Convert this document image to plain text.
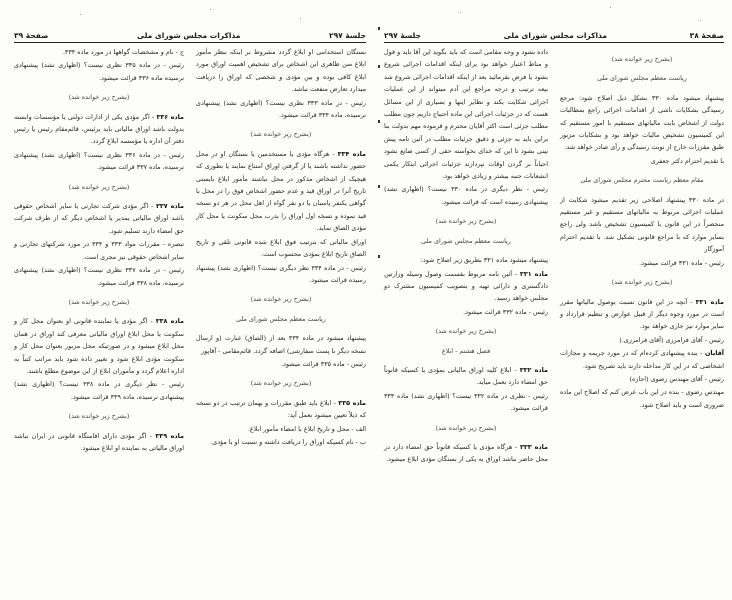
جلسهٔ ۲۹۷
مذاکرات مجلس شورای ملی
صفحهٔ ۳۹

بستگان استخدامی او ابلاغ گردد مشروط بر اینکه بنظر مأمور ابلاغ سن ظاهری این اشخاص برای تشخیص اهمیت اوراق مورد ابلاغ کافی بوده و بین مؤدی و شخصی که اوراق را دریافت میدارد تعارض منفعت نباشد.

رئیس - در ماده ۳۳۳ نظری نیست؟ (اظهاری نشد) پیشنهادی نرسیده، ماده ۳۳۴ قرائت میشود.

(بشرح زیر خوانده شد)

ماده ۳۳۴ - هرگاه مؤدی یا مستخدمین یا بستگان او در محل حضور نداشته باشند یا از گرفتن اوراق امتناع نمایند یا بطوری که هیچیک از اشخاص مذکور در محل نباشند مأمور ابلاغ بایستی تاریخ آنرا در اوراق قید و عدم حضور اشخاص فوق را در محل با گواهی یکنفر پاسبان یا دو نفر گواه از اهل محل در هر دو نسخه قید نموده و نسخه اول اوراق را بدرب محل سکونت یا محل کار مؤدی الصاق نماید.

اوراق مالیاتی که بترتیب فوق ابلاغ شده قانونی تلقی و تاریخ الصاق تاریخ ابلاغ بمؤدی محسوب است.

رئیس - در ماده ۳۳۴ نظر دیگری نیست؟ (اظهاری نشد) پیشنهاد رسیده قرائت میشود.

(بشرح زیر خوانده شد)

ریاست معظم مجلس شورای ملی

پیشنهاد میشود در ماده ۳۳۴ بعد از (الصاق) عبارت (و ارسال نسخه دیگر با پست سفارشی) اضافه گردد. قائم‌مقامی - آقاپور

رئیس - ماده ۳۳۵ قرائت میشود.

(بشرح زیر خوانده شد)

ماده ۳۳۵ - ابلاغ باید طبق مقررات و بهمان ترتیب در دو نسخه که ذیلاً تعیین میشود بعمل آید:

الف - محل و تاریخ ابلاغ با امضاء مأمور ابلاغ.

ب - نام کسیکه اوراق را دریافت داشته و نسبت او با مؤدی.

ج - نام و مشخصات گواهها در مورد ماده ۳۳۴.

رئیس - در ماده ۳۳۵ نظری نیست؟ (اظهاری نشد) پیشنهادی نرسیده ماده ۳۳۶ قرائت میشود.

(بشرح زیر خوانده شد)

ماده ۳۳۶ - اگر مؤدی یکی از ادارات دولتی یا مؤسسات وابسته بدولت باشد اوراق مالیاتی باید برئیس، قائم‌مقام رئیس یا رئیس دفتر آن اداره یا مؤسسه ابلاغ گردد.

رئیس - در ماده ۳۳۶ نظری نیست؟ (اظهاری نشد) پیشنهادی نرسیده، ماده ۳۳۷ قرائت میشود.

(بشرح زیر خوانده شد)

ماده ۳۳۷ - اگر مؤدی شرکت تجارتی یا سایر اشخاص حقوقی باشد اوراق مالیاتی بمدیر یا اشخاص دیگر که از طرف شرکت حق امضاء دارند تسلیم شود.

تبصره - مقررات مواد ۳۳۳ و ۳۳۴ در مورد شرکتهای تجارتی و سایر اشخاص حقوقی نیز مجری است.

رئیس - در ماده ۳۳۷ نظری نیست؟ (اظهاری نشد) پیشنهادی نرسیده، ماده ۳۳۸ قرائت میشود.

(بشرح زیر خوانده شد)

ماده ۳۳۸ - اگر مؤدی یا نماینده قانونی او بعنوان محل کار و سکونت یا محل ابلاغ اوراق مالیاتی معرفی کند اوراق در همان محل ابلاغ میشود و در صورتیکه محل مزبور بعنوان محل کار و سکونت مؤدی ابلاغ شود و تغییر داده شود باید مراتب کتباً به اداره اعلام گردد و مأموران ابلاغ از این موضوع مطلع باشند.

رئیس - نظر دیگری در ماده ۳۳۸ نیست؟ (اظهاری نشد) پیشنهادی نرسیده، ماده ۳۳۹ قرائت میشود.

(بشرح زیر خوانده شد)

ماده ۳۳۹ - اگر مؤدی دارای اقامتگاه قانونی در ایران نباشد اوراق مالیاتی به نماینده او ابلاغ میشود.

صفحهٔ ۳۸
مذاکرات مجلس شورای ملی
جلسهٔ ۲۹۷

(بشرح زیر خوانده شد)

ریاست معظم مجلس شورای ملی

پیشنهاد میشود ماده ۳۳۰ بشکل ذیل اصلاح شود: مرجع رسیدگی بشکایات ناشی از اقدامات اجرائی راجع بمطالبات دولت از اشخاص بابت مالیاتهای مستقیم با امور مستقیم که این کمیسیون تشخیص مالیات خواهد بود و بشکایات مزبور طبق مقررات خارج از نوبت رسیدگی و رأی صادر خواهد شد.

با تقدیم احترام دکتر جعفری

مقام معظم ریاست محترم مجلس شورای ملی

در ماده ۳۳۰ پیشنهاد اصلاحی زیر تقدیم میشود شکایت از عملیات اجرائی مربوط به مالیاتهای مستقیم و غیر مستقیم منحصراً در این قانون با کمیسیون تشخیص باشد ولی راجع بسایر موارد که با مراجع قانونی تشکیل شد. با تقدیم احترام آموزگار

رئیس - ماده ۳۳۱ قرائت میشود.

(بشرح زیر خوانده شد)

ماده ۳۳۱ - آنچه در این قانون نسبت بوصول مالیاتها مقرر است در مورد وجوه دیگر از قبیل عوارض و تنظیم قرارداد و سایر موارد نیز جاری خواهد بود.

رئیس - آقای فرامرزی (آقای فرامرزی.)

آقایان - بنده پیشنهادی کرده‌ام که در مورد جریمه و مجازات اشخاصی که در این کار مداخله دارند باید تصریح شود.

رئیس - آقای مهندس رضوی (اجازه)

مهندس رضوی - بنده در این باب عرض کنم که اصلاح این ماده ضروری است و باید اصلاح شود.

داده بشود و وجه مقامی است که باید بگوید این آقا باید و قول و مناط اعتبار خواهد بود برای اینکه اقدامات اجرائی شروع بشود یا فرض بفرمائید بعد از اینکه اقدامات اجرائی شروع شد بیعه ترتیب و درجه مراجع این آدم میتواند از این عملیات اجرائی شکایت بکند و نظایر اینها و بسیاری از این مسائل هست که در جزئیات اجرائی این ماده احتیاج داریم چون مطلب مطلب جزئی است اکثر آقایان محترم و قرموده مهم بدولت بنا براین باید به جزئی و دقیق جزئیات مطلب در آئین نامه پیش بینی بشود تا این که خدای نخواسته حقی از کسی ضایع نشود احیاناً بر گردن اوقات نپردازند جزئیات اجرائی اینکار یکمی انشعابات جنبه بیشتر و زیادی خواهد بود.

رئیس - نظر دیگری در ماده ۳۳۰ نیست؟ (اظهاری نشد) پیشنهادی رسیده است که قرائت میشود.

(بشرح زیر خوانده شد)

ریاست معظم مجلس شورای ملی

پیشنهاد میشود ماده ۳۳۱ بطریق زیر اصلاح شود:

ماده ۳۳۱ - آئین نامه مربوط بقسمت وصول وسیله وزارتین دادگستری و دارائی تهیه و بتصویب کمیسیون مشترک دو مجلس خواهد رسید.

رئیس - ماده ۳۳۲ قرائت میشود.

(بشرح زیر خوانده شد)

فصل هشتم - ابلاغ

ماده ۳۳۲ - ابلاغ کلیه اوراق مالیاتی بمؤدی یا کسیکه قانوناً حق امضاء دارد بعمل میآید.

رئیس - نظری در ماده ۳۳۲ نیست؟ (اظهاری نشد) ماده ۳۳۳ قرائت میشود.

(بشرح زیر خوانده شد)

ماده ۳۳۳ - هرگاه مؤدی یا کسیکه قانوناً حق امضاء دارد در محل حاضر نباشد اوراق به یکی از بستگان مؤدی ابلاغ میشود.
